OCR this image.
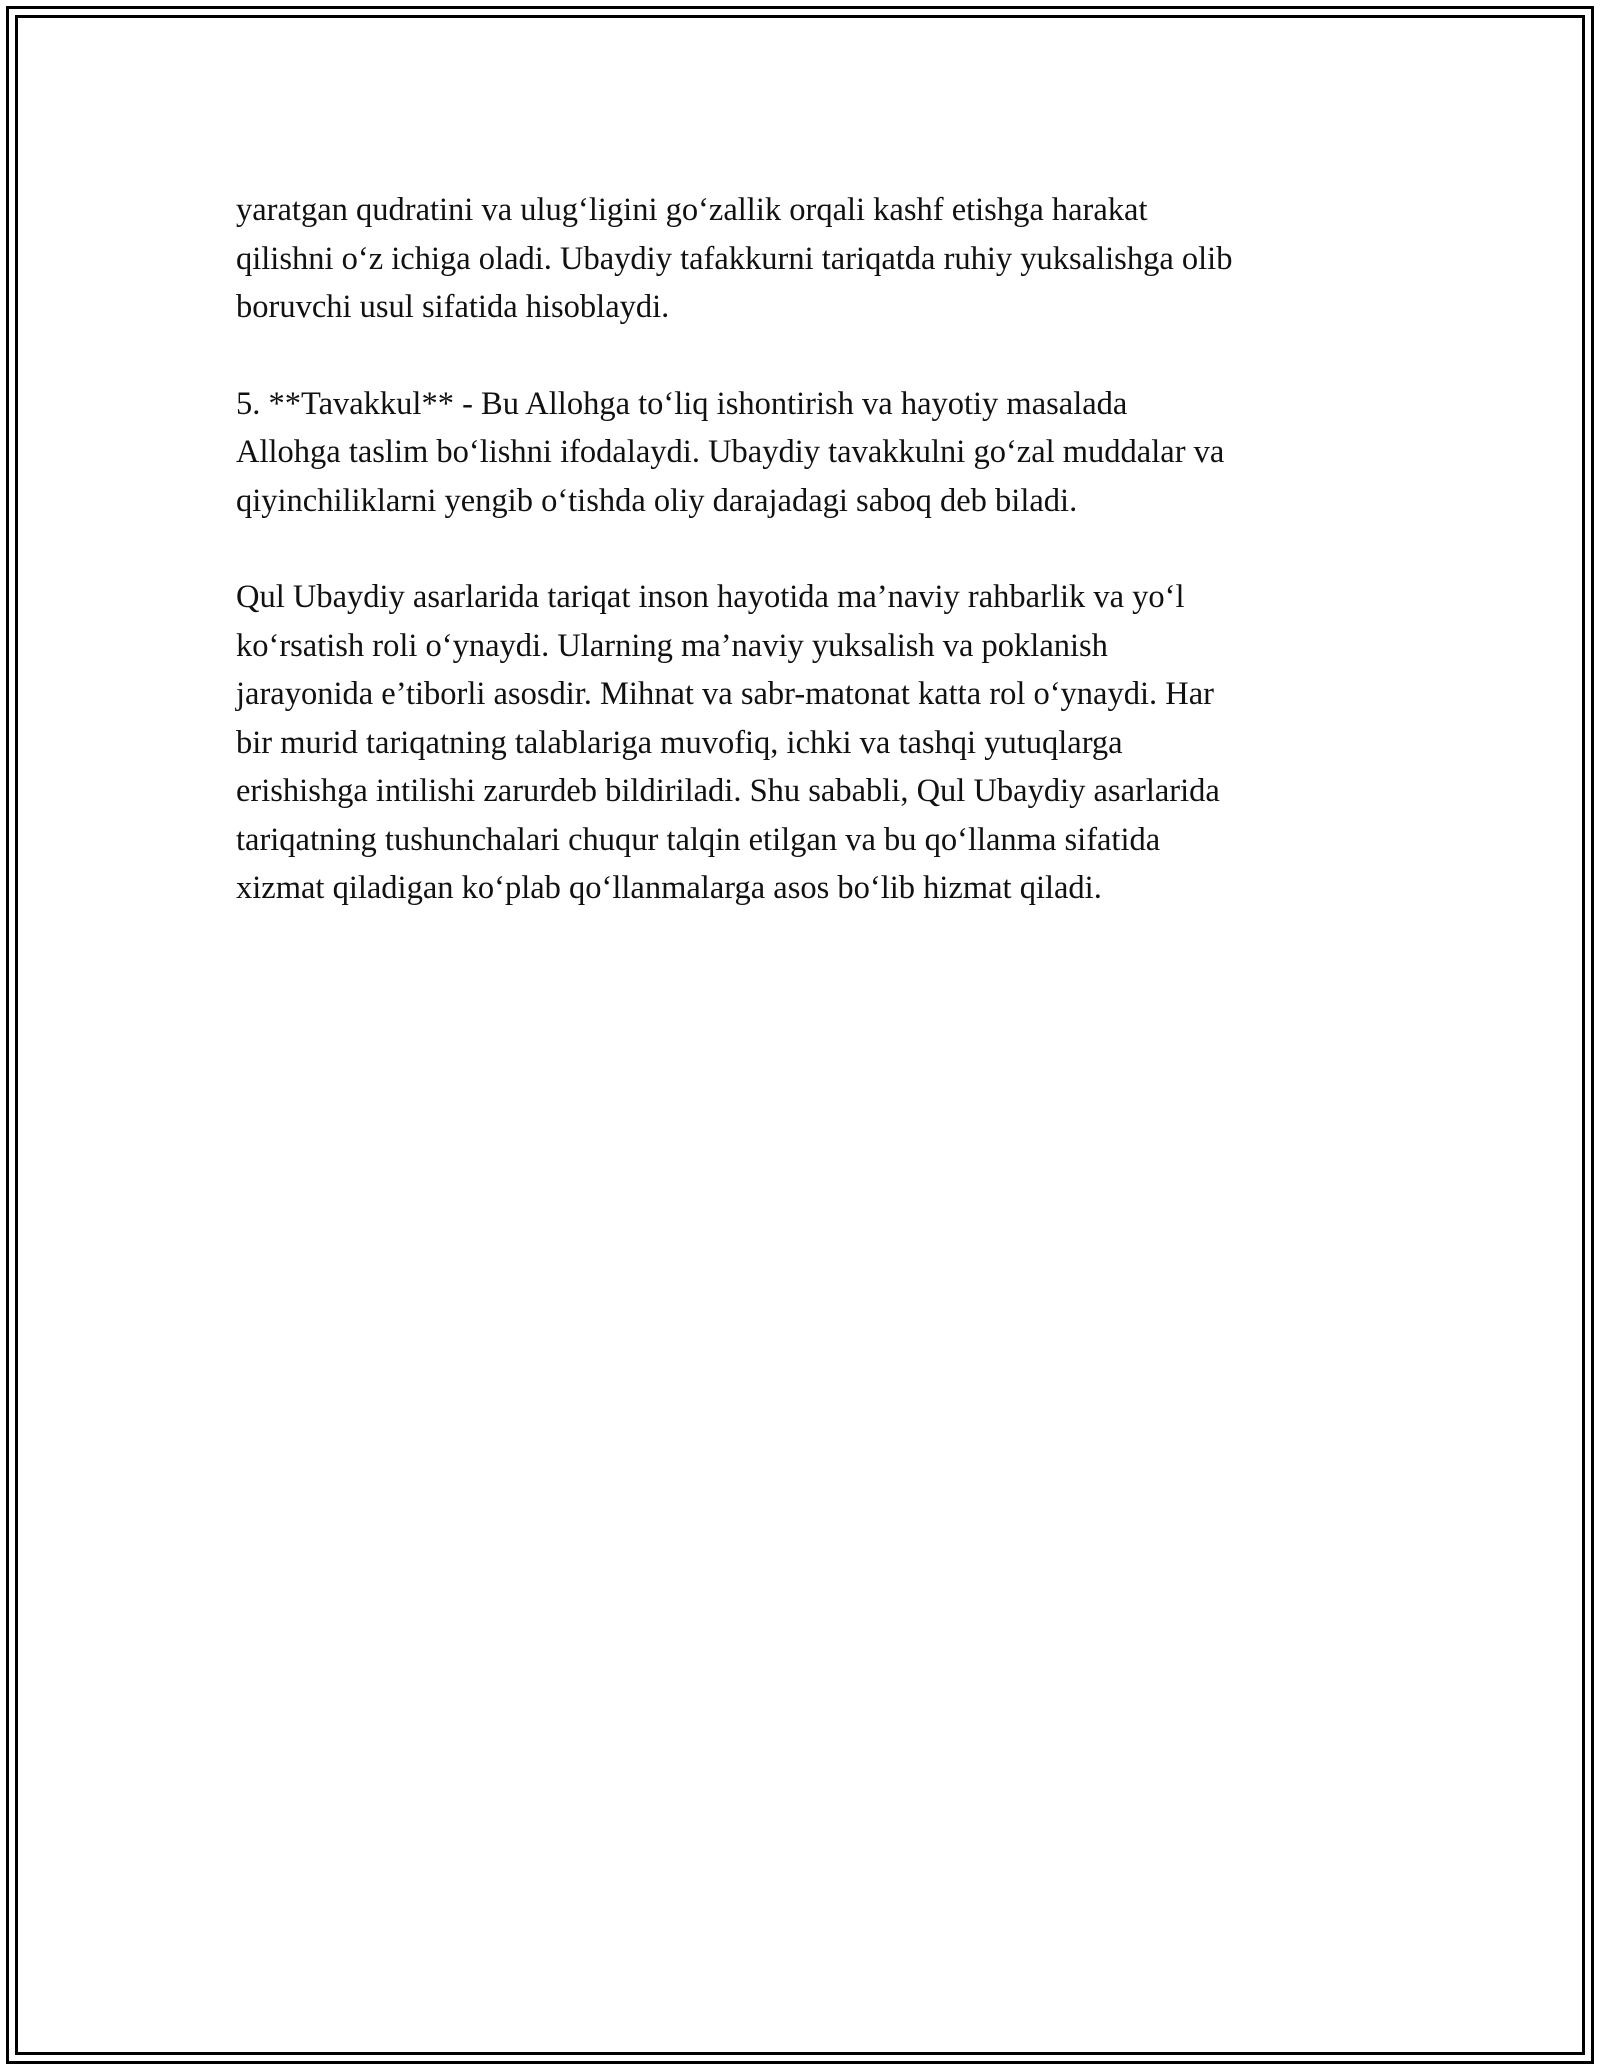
yaratgan qudratini va ulug‘ligini go‘zallik orqali kashf etishga harakat
qilishni o‘z ichiga oladi. Ubaydiy tafakkurni tariqatda ruhiy yuksalishga olib
boruvchi usul sifatida hisoblaydi.

5. **Tavakkul** - Bu Allohga to‘liq ishontirish va hayotiy masalada
Allohga taslim bo‘lishni ifodalaydi. Ubaydiy tavakkulni go‘zal muddalar va
qiyinchiliklarni yengib o‘tishda oliy darajadagi saboq deb biladi.

Qul Ubaydiy asarlarida tariqat inson hayotida ma’naviy rahbarlik va yo‘l
ko‘rsatish roli o‘ynaydi. Ularning ma’naviy yuksalish va poklanish
jarayonida e’tiborli asosdir. Mihnat va sabr-matonat katta rol o‘ynaydi. Har
bir murid tariqatning talablariga muvofiq, ichki va tashqi yutuqlarga
erishishga intilishi zarurdeb bildiriladi. Shu sababli, Qul Ubaydiy asarlarida
tariqatning tushunchalari chuqur talqin etilgan va bu qo‘llanma sifatida
xizmat qiladigan ko‘plab qo‘llanmalarga asos bo‘lib hizmat qiladi.
